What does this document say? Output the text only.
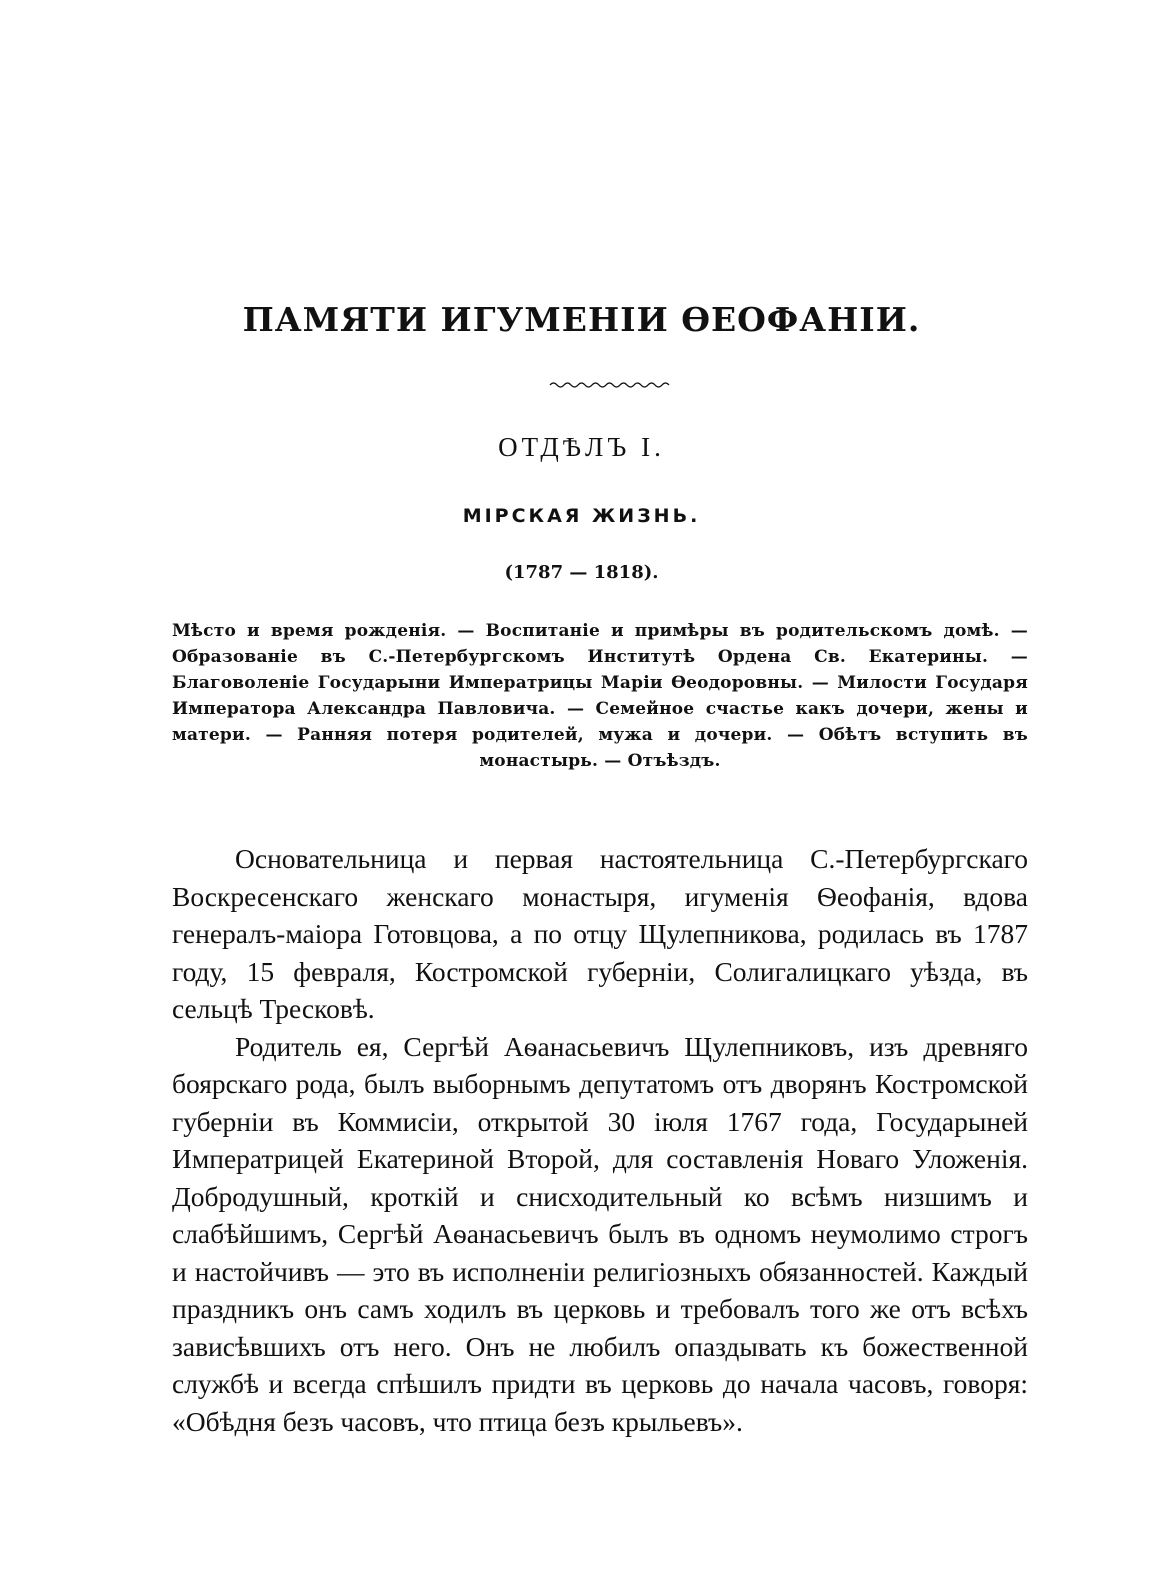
ПАМЯТИ ИГУМЕНІИ ѲЕОФАНІИ.
ОТДѢЛЪ I.
МІРСКАЯ ЖИЗНЬ.
(1787 — 1818).
Мѣсто и время рожденія. — Воспитаніе и примѣры въ родительскомъ домѣ. — Образованіе въ С.-Петербургскомъ Институтѣ Ордена Св. Екатерины. — Благоволеніе Государыни Императрицы Маріи Ѳеодоровны. — Милости Государя Императора Александра Павловича. — Семейное счастье какъ дочери, жены и матери. — Ранняя потеря родителей, мужа и дочери. — Обѣтъ вступить въ монастырь. — Отъѣздъ.

Основательница и первая настоятельница С.-Петербургскаго Воскресенскаго женскаго монастыря, игуменія Ѳеофанія, вдова генералъ-маіора Готовцова, а по отцу Щулепникова, родилась въ 1787 году, 15 февраля, Костромской губерніи, Солигалицкаго уѣзда, въ сельцѣ Тресковѣ.

Родитель ея, Сергѣй Аѳанасьевичъ Щулепниковъ, изъ древняго боярскаго рода, былъ выборнымъ депутатомъ отъ дворянъ Костромской губерніи въ Коммисіи, открытой 30 іюля 1767 года, Государыней Императрицей Екатериной Второй, для составленія Новаго Уложенія. Добродушный, кроткій и снисходительный ко всѣмъ низшимъ и слабѣйшимъ, Сергѣй Аѳанасьевичъ былъ въ одномъ неумолимо строгъ и настойчивъ — это въ исполненіи религіозныхъ обязанностей. Каждый праздникъ онъ самъ ходилъ въ церковь и требовалъ того же отъ всѣхъ зависѣвшихъ отъ него. Онъ не любилъ опаздывать къ божественной службѣ и всегда спѣшилъ придти въ церковь до начала часовъ, говоря: «Обѣдня безъ часовъ, что птица безъ крыльевъ».
